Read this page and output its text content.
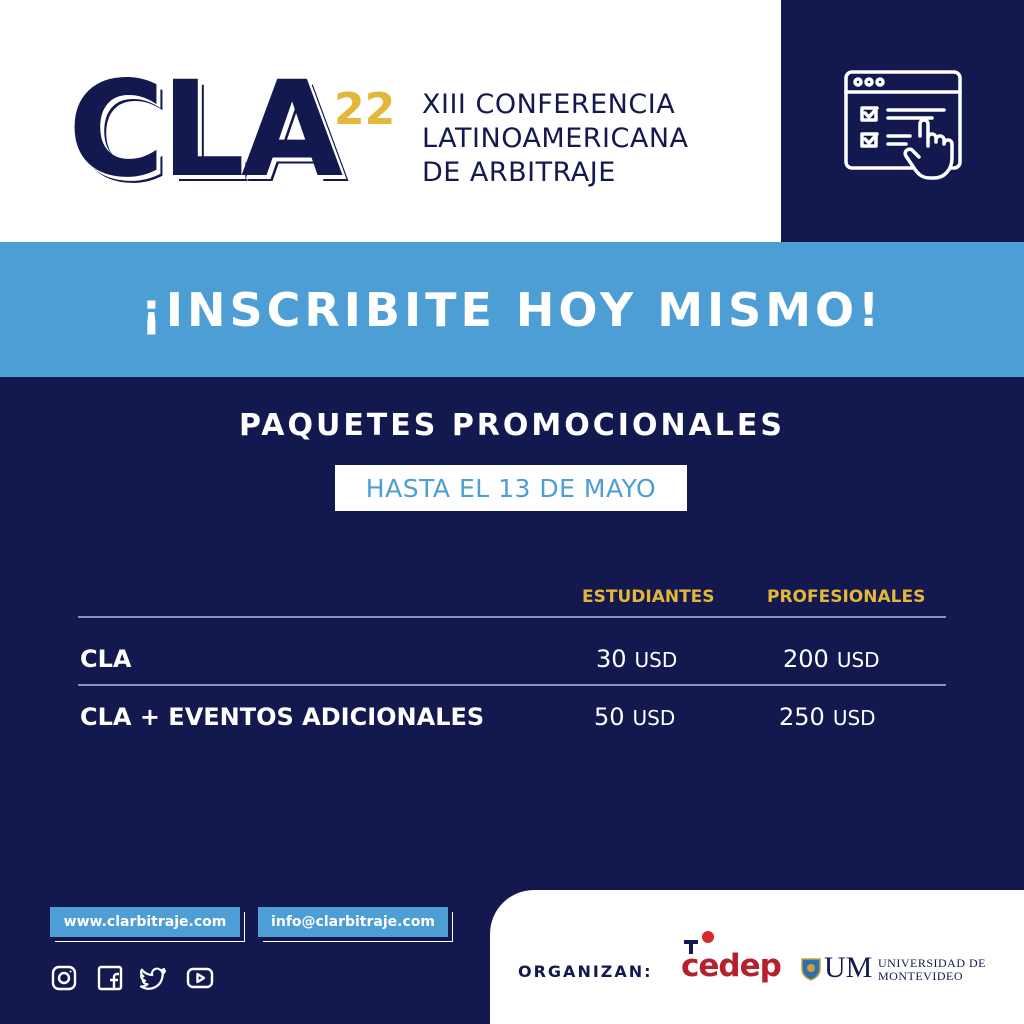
CLA
22 XIII CONFERENCIA
LATINOAMERICANA
DE ARBITRAJE
¡INSCRIBITE HOY MISMO!
PAQUETES PROMOCIONALES
HASTA EL 13 DE MAYO
ESTUDIANTES	PROFESIONALES
CLA	30 USD	200 USD
CLA + EVENTOS ADICIONALES	50 USD	250 USD
www.clarbitraje.com	info@clarbitraje.com
ORGANIZAN: cedep UM UNIVERSIDAD DE
MONTEVIDEO
